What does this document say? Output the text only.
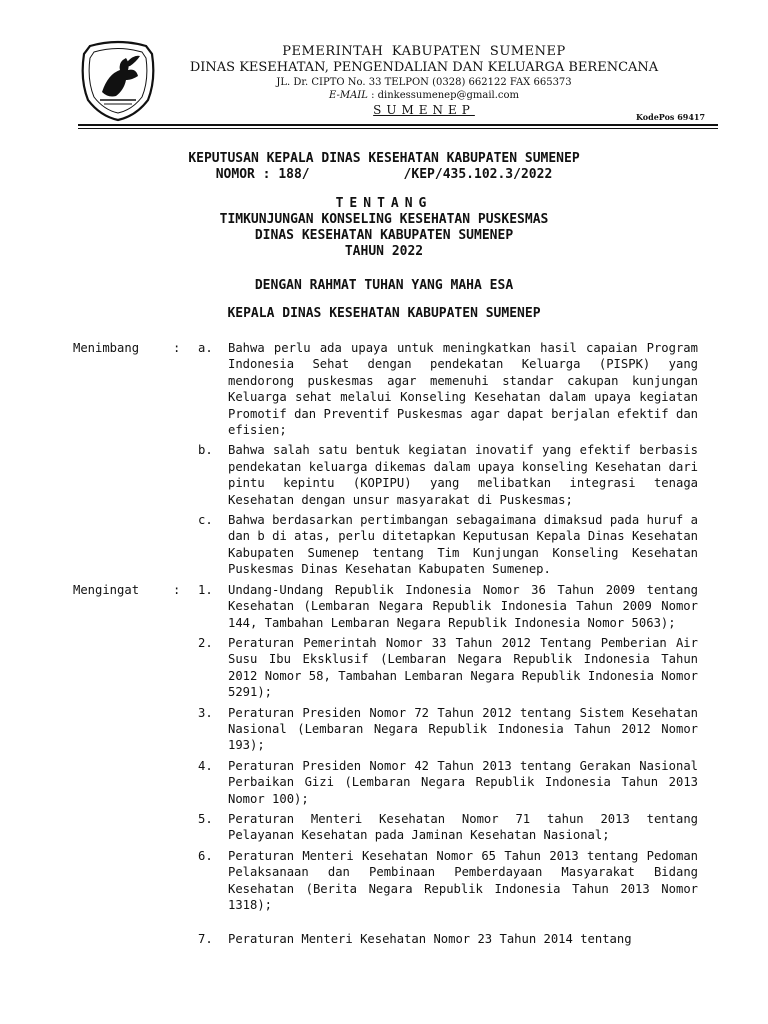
PEMERINTAH KABUPATEN SUMENEP
DINAS KESEHATAN, PENGENDALIAN DAN KELUARGA BERENCANA
JL. Dr. CIPTO No. 33 TELPON (0328) 662122 FAX 665373
E-MAIL : dinkessumenep@gmail.com
SUMENEP	KodePos 69417
KEPUTUSAN KEPALA DINAS KESEHATAN KABUPATEN SUMENEP
NOMOR : 188/            /KEP/435.102.3/2022
TENTANG
TIMKUNJUNGAN KONSELING KESEHATAN PUSKESMAS
DINAS KESEHATAN KABUPATEN SUMENEP
TAHUN 2022
DENGAN RAHMAT TUHAN YANG MAHA ESA
KEPALA DINAS KESEHATAN KABUPATEN SUMENEP
Menimbang	:	a.	Bahwa perlu ada upaya untuk meningkatkan hasil capaian Program Indonesia Sehat dengan pendekatan Keluarga (PISPK) yang mendorong puskesmas agar memenuhi standar cakupan kunjungan Keluarga sehat melalui Konseling Kesehatan dalam upaya kegiatan Promotif dan Preventif Puskesmas agar dapat berjalan efektif dan efisien;
b.	Bahwa salah satu bentuk kegiatan inovatif yang efektif berbasis pendekatan keluarga dikemas dalam upaya konseling Kesehatan dari pintu kepintu (KOPIPU) yang melibatkan integrasi tenaga Kesehatan dengan unsur masyarakat di Puskesmas;
c.	Bahwa berdasarkan pertimbangan sebagaimana dimaksud pada huruf a dan b di atas, perlu ditetapkan Keputusan Kepala Dinas Kesehatan Kabupaten Sumenep tentang Tim Kunjungan Konseling Kesehatan Puskesmas Dinas Kesehatan Kabupaten Sumenep.
Mengingat	:	1.	Undang-Undang Republik Indonesia Nomor 36 Tahun 2009 tentang Kesehatan (Lembaran Negara Republik Indonesia Tahun 2009 Nomor 144, Tambahan Lembaran Negara Republik Indonesia Nomor 5063);
2.	Peraturan Pemerintah Nomor 33 Tahun 2012 Tentang Pemberian Air Susu Ibu Eksklusif (Lembaran Negara Republik Indonesia Tahun 2012 Nomor 58, Tambahan Lembaran Negara Republik Indonesia Nomor 5291);
3.	Peraturan Presiden Nomor 72 Tahun 2012 tentang Sistem Kesehatan Nasional (Lembaran Negara Republik Indonesia Tahun 2012 Nomor 193);
4.	Peraturan Presiden Nomor 42 Tahun 2013 tentang Gerakan Nasional Perbaikan Gizi (Lembaran Negara Republik Indonesia Tahun 2013 Nomor 100);
5.	Peraturan Menteri Kesehatan Nomor 71 tahun 2013 tentang Pelayanan Kesehatan pada Jaminan Kesehatan Nasional;
6.	Peraturan Menteri Kesehatan Nomor 65 Tahun 2013 tentang Pedoman Pelaksanaan dan Pembinaan Pemberdayaan Masyarakat Bidang Kesehatan (Berita Negara Republik Indonesia Tahun 2013 Nomor 1318);
7.	Peraturan Menteri Kesehatan Nomor 23 Tahun 2014 tentang
